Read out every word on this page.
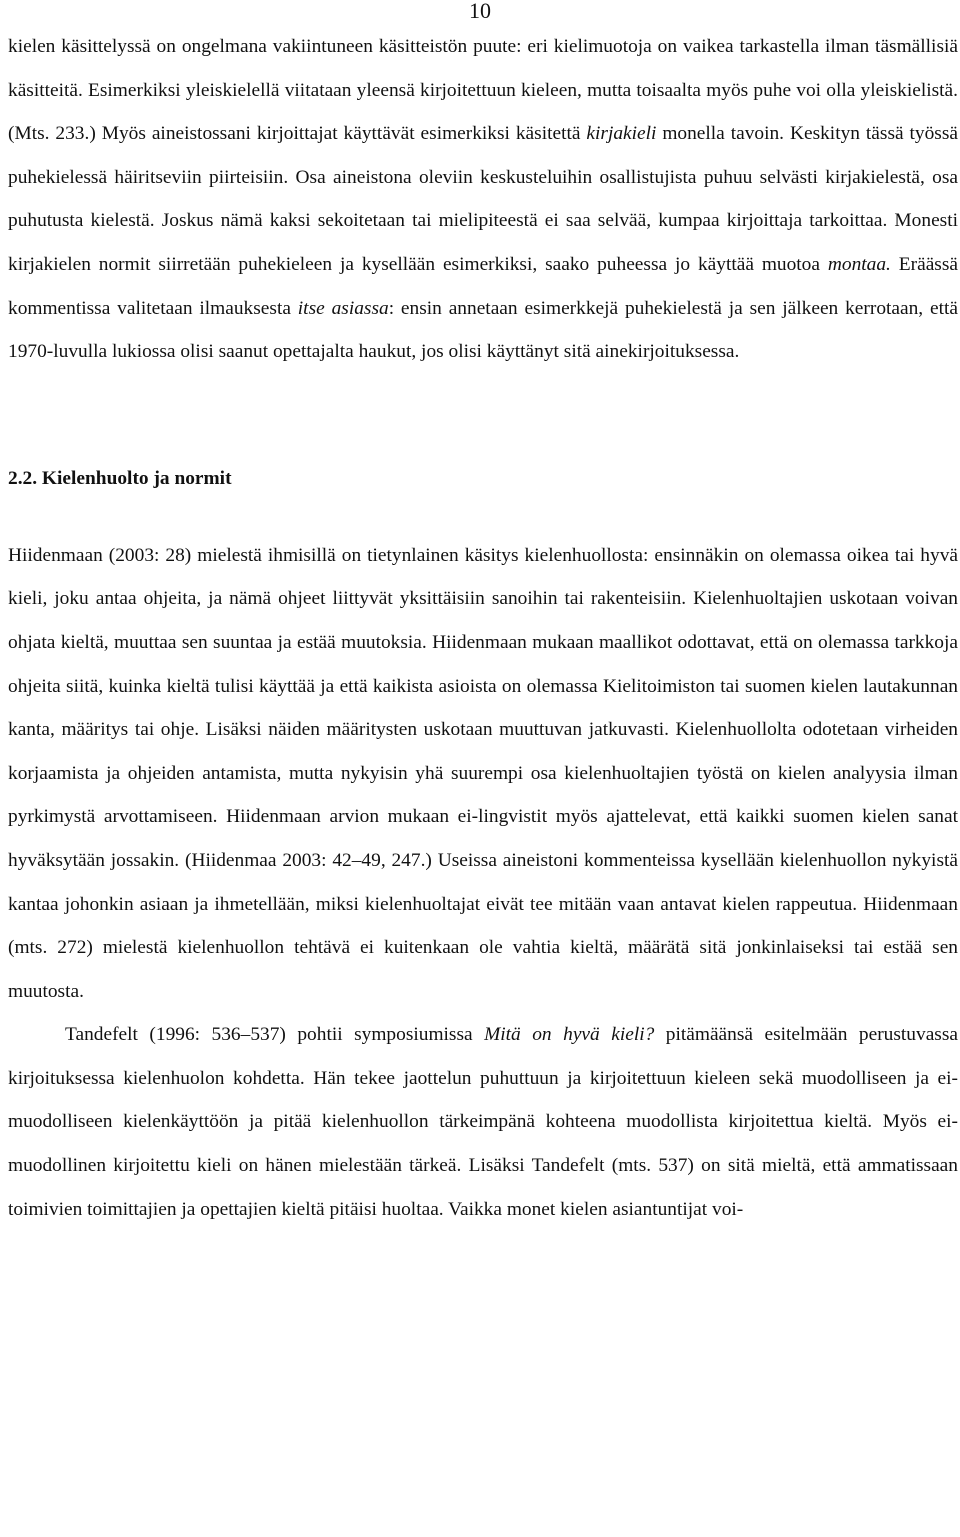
10

kielen käsittelyssä on ongelmana vakiintuneen käsitteistön puute: eri kielimuotoja on vaikea tarkastella ilman täsmällisiä käsitteitä. Esimerkiksi yleiskielellä viitataan yleensä kirjoitettuun kieleen, mutta toisaalta myös puhe voi olla yleiskielistä. (Mts. 233.) Myös aineistossani kirjoittajat käyttävät esimerkiksi käsitettä kirjakieli monella tavoin. Keskityn tässä työssä puhekielessä häiritseviin piirteisiin. Osa aineistona oleviin keskusteluihin osallistujista puhuu selvästi kirjakielestä, osa puhutusta kielestä. Joskus nämä kaksi sekoitetaan tai mielipiteestä ei saa selvää, kumpaa kirjoittaja tarkoittaa. Monesti kirjakielen normit siirretään puhekieleen ja kysellään esimerkiksi, saako puheessa jo käyttää muotoa montaa. Eräässä kommentissa valitetaan ilmauksesta itse asiassa: ensin annetaan esimerkkejä puhekielestä ja sen jälkeen kerrotaan, että 1970-luvulla lukiossa olisi saanut opettajalta haukut, jos olisi käyttänyt sitä ainekirjoituksessa.

2.2. Kielenhuolto ja normit

Hiidenmaan (2003: 28) mielestä ihmisillä on tietynlainen käsitys kielenhuollosta: ensinnäkin on olemassa oikea tai hyvä kieli, joku antaa ohjeita, ja nämä ohjeet liittyvät yksittäisiin sanoihin tai rakenteisiin. Kielenhuoltajien uskotaan voivan ohjata kieltä, muuttaa sen suuntaa ja estää muutoksia. Hiidenmaan mukaan maallikot odottavat, että on olemassa tarkkoja ohjeita siitä, kuinka kieltä tulisi käyttää ja että kaikista asioista on olemassa Kielitoimiston tai suomen kielen lautakunnan kanta, määritys tai ohje. Lisäksi näiden määritysten uskotaan muuttuvan jatkuvasti. Kielenhuollolta odotetaan virheiden korjaamista ja ohjeiden antamista, mutta nykyisin yhä suurempi osa kielenhuoltajien työstä on kielen analyysia ilman pyrkimystä arvottamiseen. Hiidenmaan arvion mukaan ei-lingvistit myös ajattelevat, että kaikki suomen kielen sanat hyväksytään jossakin. (Hiidenmaa 2003: 42–49, 247.) Useissa aineistoni kommenteissa kysellään kielenhuollon nykyistä kantaa johonkin asiaan ja ihmetellään, miksi kielenhuoltajat eivät tee mitään vaan antavat kielen rappeutua. Hiidenmaan (mts. 272) mielestä kielenhuollon tehtävä ei kuitenkaan ole vahtia kieltä, määrätä sitä jonkinlaiseksi tai estää sen muutosta.

Tandefelt (1996: 536–537) pohtii symposiumissa Mitä on hyvä kieli? pitämäänsä esitelmään perustuvassa kirjoituksessa kielenhuolon kohdetta. Hän tekee jaottelun puhuttuun ja kirjoitettuun kieleen sekä muodolliseen ja ei-muodolliseen kielenkäyttöön ja pitää kielenhuollon tärkeimpänä kohteena muodollista kirjoitettua kieltä. Myös ei-muodollinen kirjoitettu kieli on hänen mielestään tärkeä. Lisäksi Tandefelt (mts. 537) on sitä mieltä, että ammatissaan toimivien toimittajien ja opettajien kieltä pitäisi huoltaa. Vaikka monet kielen asiantuntijat voi-
